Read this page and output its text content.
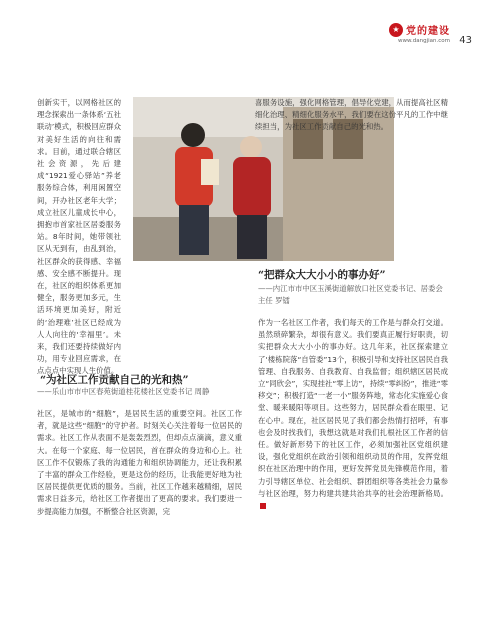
★ 党的建设
www.dangjian.com 43

创新实干，以网格社区的理念探索出一条体系‘五社联动’模式，积极回应群众对美好生活的向往和需求。目前，通过联合辖区社会资源，先后建成“1921爱心驿站”养老服务综合体，利用闲置空间，开办社区老年大学；成立社区儿童成长中心，拥抱市首家社区居委服务站。8年时间，她带领社区从无到有，由乱到治，社区群众的获得感、幸福感、安全感不断提升。现在，社区的组织体系更加健全，服务更加多元，生活环境更加美好，附近的‘治理难’社区已经成为人人向往的‘幸福里’。未来，我们还要持续做好内功，用专业回应需求，在点点点中实现人生价值。

喜服务设施，强化网格管理，倡导化党建，从而提高社区精细化治理、精细化服务水平，我们要在这份平凡的工作中继续担当，为社区工作贡献自己的光和热。

“把群众大大小小的事办好”

——内江市市中区玉溪街道解放口社区党委书记、居委会主任 罗镭

作为一名社区工作者，我们每天的工作是与群众打交道。虽然琐碎繁杂，却很有意义。我们要真正履行好职责，切实把群众大大小小的事办好。这几年来，社区探索建立了‘楼栋院落“自管委”13个，积极引导和支持社区居民自我管理、自我服务、自我教育、自我监督；组织辖区居民成立“同欣会”，实现挂社“零上访”，持续“零纠纷”，推进“零移交”；积极打造“一老一小”服务阵地，常态化实施爱心食堂、暖来暖阳等项目。这些努力，居民群众看在眼里、记在心中。现在，社区居民见了我们都会热情打招呼，有事也会及时找我们，我想这就是对我们扎根社区工作者的信任。做好新形势下的社区工作，必须加强社区党组织建设，强化党组织在政治引领和组织动员的作用，发挥党组织在社区治理中的作用，更好发挥党员先锋模范作用，着力引导辖区单位、社会组织、群团组织等各类社会力量参与社区治理，努力构建共建共治共享的社会治理新格局。

“为社区工作贡献自己的光和热”

——乐山市市中区春苑街道桂花楼社区党委书记 周静

社区，是城市的“细胞”，是居民生活的重要空间。社区工作者，就是这些“细胞”的守护者。时刻关心关注着每一位居民的需求。社区工作从表面不是轰轰烈烈，但却点点滴滴，意义重大。在每一个家庭、每一位居民，首在群众的身边和心上。社区工作不仅锻炼了我的沟通能力和组织协调能力，还让我积累了丰富的群众工作经验，更是这份的经历，让我能更好地为社区居民提供更优质的服务。当前，社区工作越来越精细，居民需求日益多元，给社区工作者提出了更高的要求。我们要进一步提高能力加强，不断整合社区资源，完
